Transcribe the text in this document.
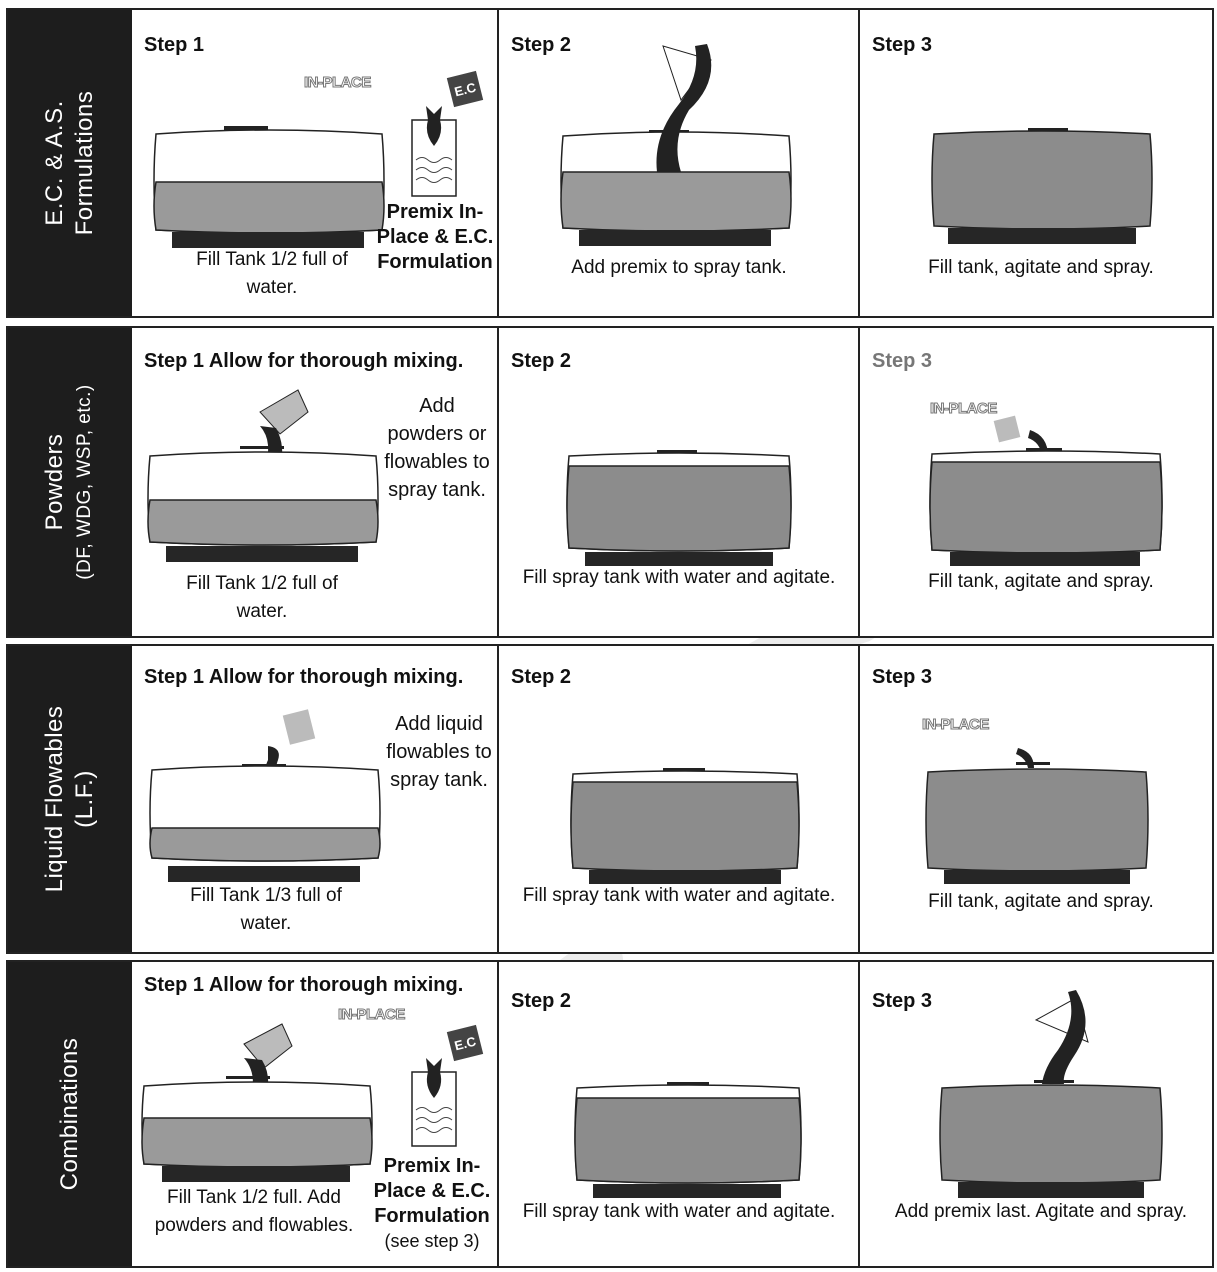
E.C. & A.S. Formulations
Step 1
IN-PLACE	E.C
Fill Tank 1/2 full of water.
Premix In-Place & E.C. Formulation
Step 2
Add premix to spray tank.
Step 3
Fill tank, agitate and spray.
Powders (DF, WDG, WSP, etc.)
Step 1 Allow for thorough mixing.
Add powders or flowables to spray tank.
Fill Tank 1/2 full of water.
Step 2
Fill spray tank with water and agitate.
Step 3
IN-PLACE
Fill tank, agitate and spray.
Liquid Flowables (L.F.)
Step 1 Allow for thorough mixing.
Add liquid flowables to spray tank.
Fill Tank 1/3 full of water.
Step 2
Fill spray tank with water and agitate.
Step 3
IN-PLACE
Fill tank, agitate and spray.
Combinations
Step 1 Allow for thorough mixing.
IN-PLACE
E.C
Fill Tank 1/2 full. Add powders and flowables.
Premix In-Place & E.C. Formulation
(see step 3)
Step 2
Fill spray tank with water and agitate.
Step 3
Add premix last. Agitate and spray.
